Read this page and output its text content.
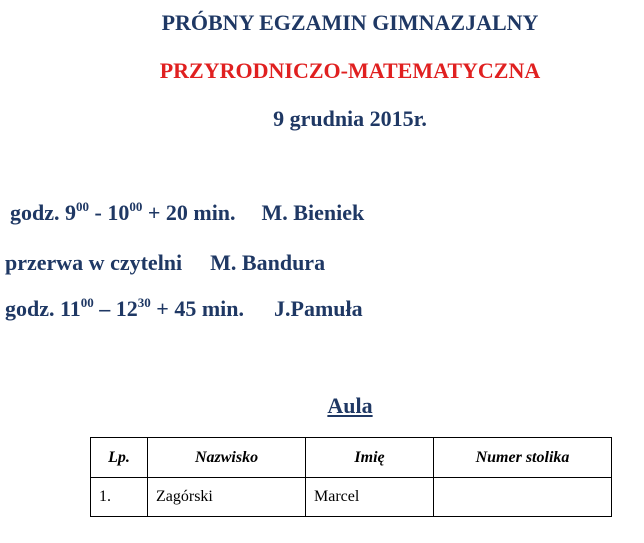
PRÓBNY EGZAMIN GIMNAZJALNY
PRZYRODNICZO-MATEMATYCZNA
9 grudnia 2015r.
godz. $9^{00} - 10^{00} + 20$ min. M. Bieniek
przerwa w czytelni M. Bandura
godz. $11^{00} - 12^{30} + 45$ min. J.Pamuła
Aula
Lp.	Nazwisko	Imię	Numer stolika
1.	Zagórski	Marcel	
